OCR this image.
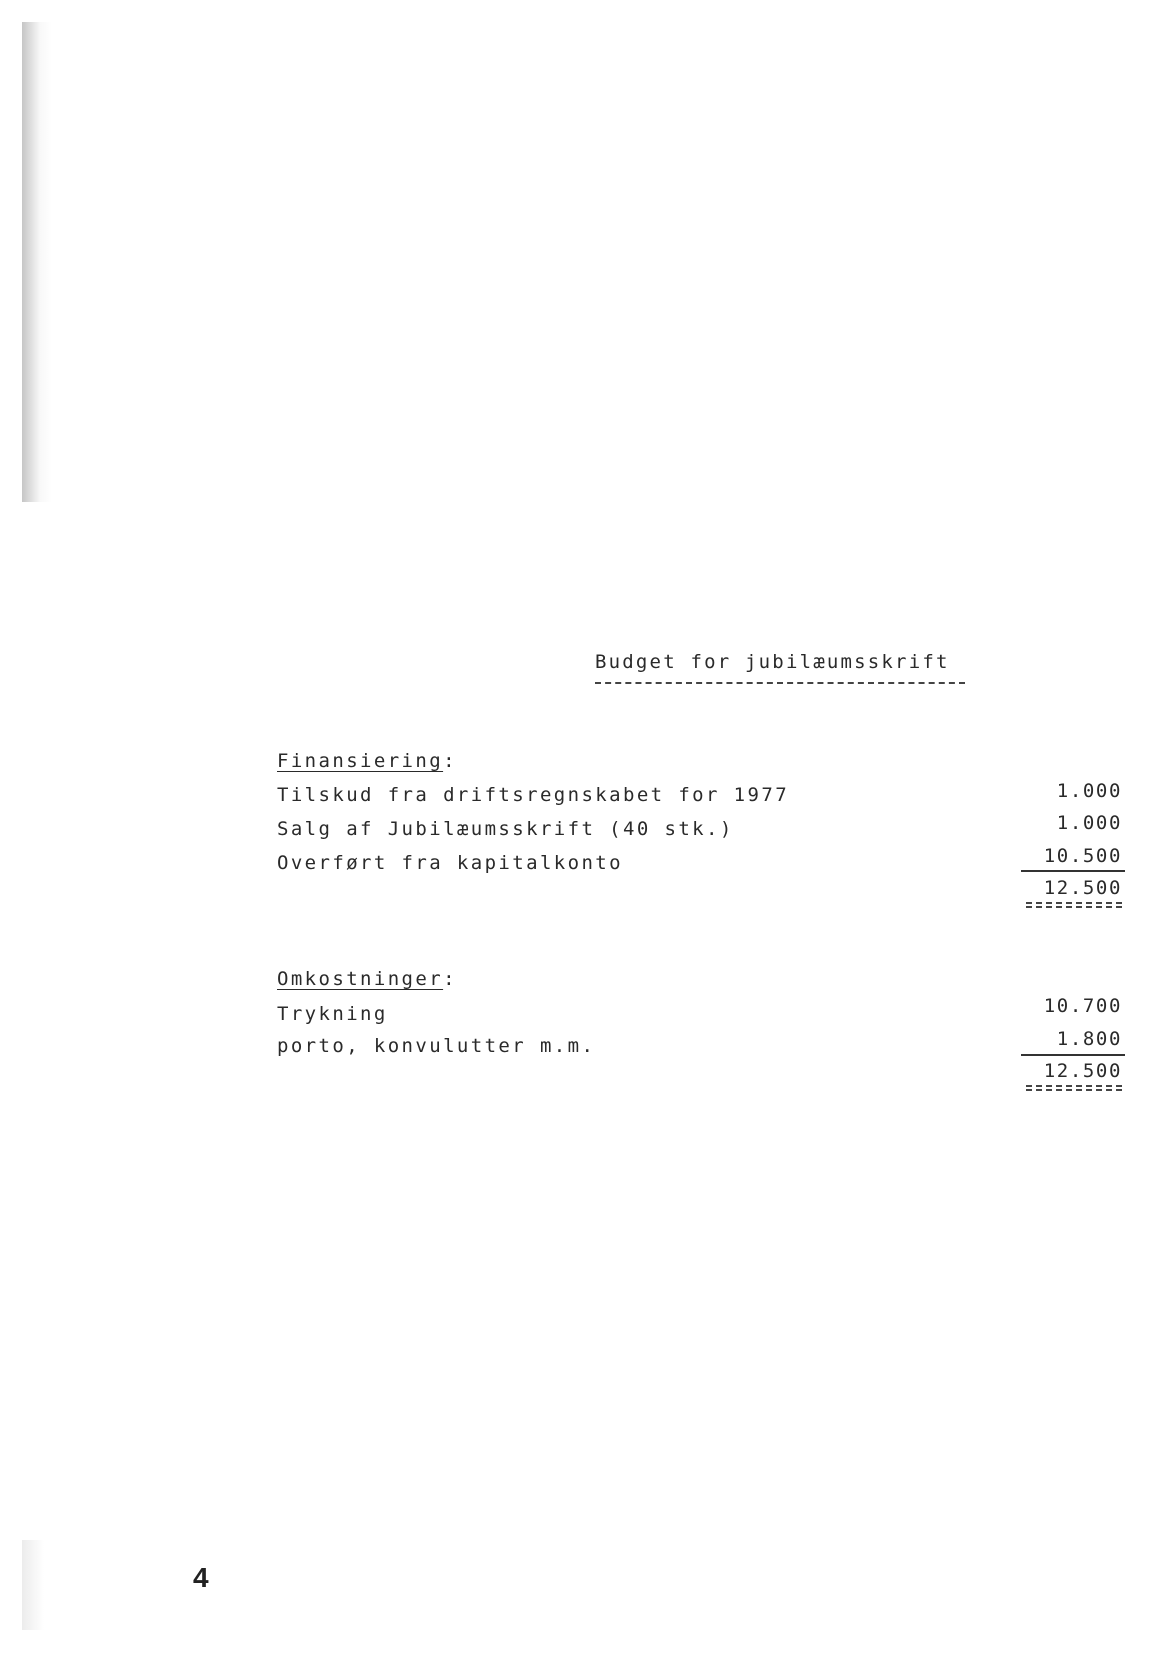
Budget for jubilæumsskrift
Finansiering:
Tilskud fra driftsregnskabet for 1977	1.000
Salg af Jubilæumsskrift (40 stk.)	1.000
Overført fra kapitalkonto	10.500
12.500
Omkostninger:
Trykning	10.700
porto, konvulutter m.m.	1.800
12.500
4
